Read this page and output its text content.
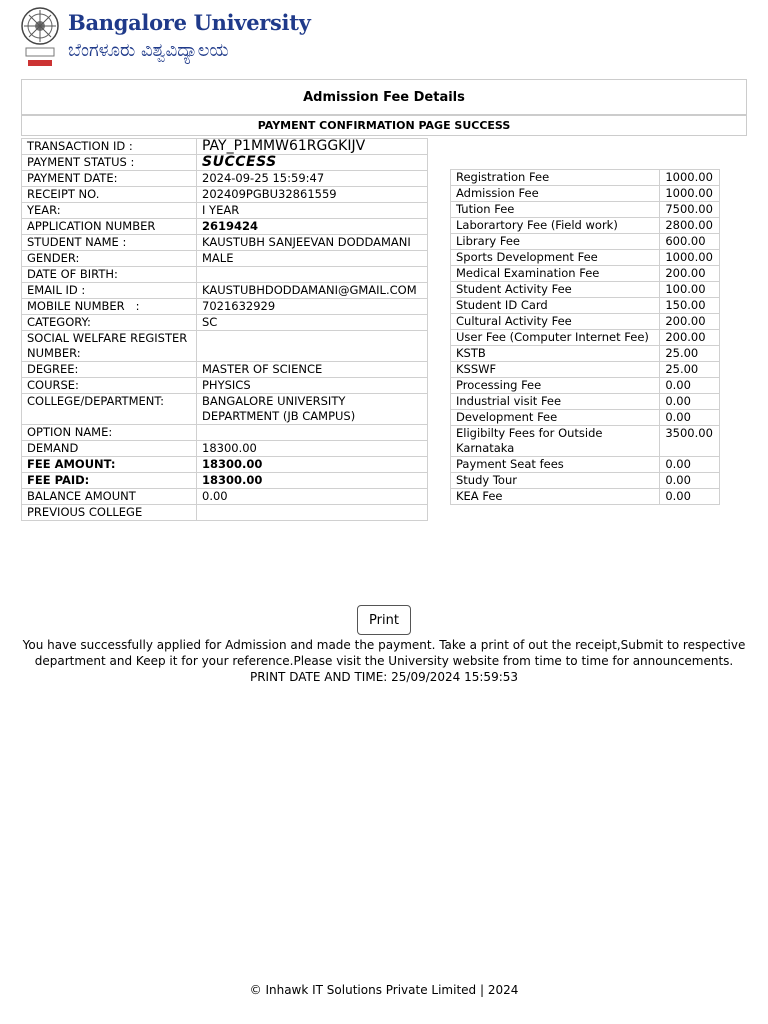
Bangalore University
ಬೆಂಗಳೂರು ವಿಶ್ವವಿದ್ಯಾಲಯ
Admission Fee Details
PAYMENT CONFIRMATION PAGE SUCCESS
TRANSACTION ID :	PAY_P1MMW61RGGKIJV
PAYMENT STATUS :	SUCCESS
PAYMENT DATE:	2024-09-25 15:59:47
RECEIPT NO.	202409PGBU32861559
YEAR:	I YEAR
APPLICATION NUMBER	2619424
STUDENT NAME :	KAUSTUBH SANJEEVAN DODDAMANI
GENDER:	MALE
DATE OF BIRTH:	
EMAIL ID :	KAUSTUBHDODDAMANI@GMAIL.COM
MOBILE NUMBER   :	7021632929
CATEGORY:	SC
SOCIAL WELFARE REGISTER NUMBER:	
DEGREE:	MASTER OF SCIENCE
COURSE:	PHYSICS
COLLEGE/DEPARTMENT:	BANGALORE UNIVERSITY DEPARTMENT (JB CAMPUS)
OPTION NAME:	
DEMAND	18300.00
FEE AMOUNT:	18300.00
FEE PAID:	18300.00
BALANCE AMOUNT	0.00
PREVIOUS COLLEGE	
Registration Fee	1000.00
Admission Fee	1000.00
Tution Fee	7500.00
Laborartory Fee (Field work)	2800.00
Library Fee	600.00
Sports Development Fee	1000.00
Medical Examination Fee	200.00
Student Activity Fee	100.00
Student ID Card	150.00
Cultural Activity Fee	200.00
User Fee (Computer Internet Fee)	200.00
KSTB	25.00
KSSWF	25.00
Processing Fee	0.00
Industrial visit Fee	0.00
Development Fee	0.00
Eligibilty Fees for Outside Karnataka	3500.00
Payment Seat fees	0.00
Study Tour	0.00
KEA Fee	0.00
Print
You have successfully applied for Admission and made the payment. Take a print of out the receipt,Submit to respective department and Keep it for your reference.Please visit the University website from time to time for announcements.
PRINT DATE AND TIME: 25/09/2024 15:59:53
© Inhawk IT Solutions Private Limited | 2024
